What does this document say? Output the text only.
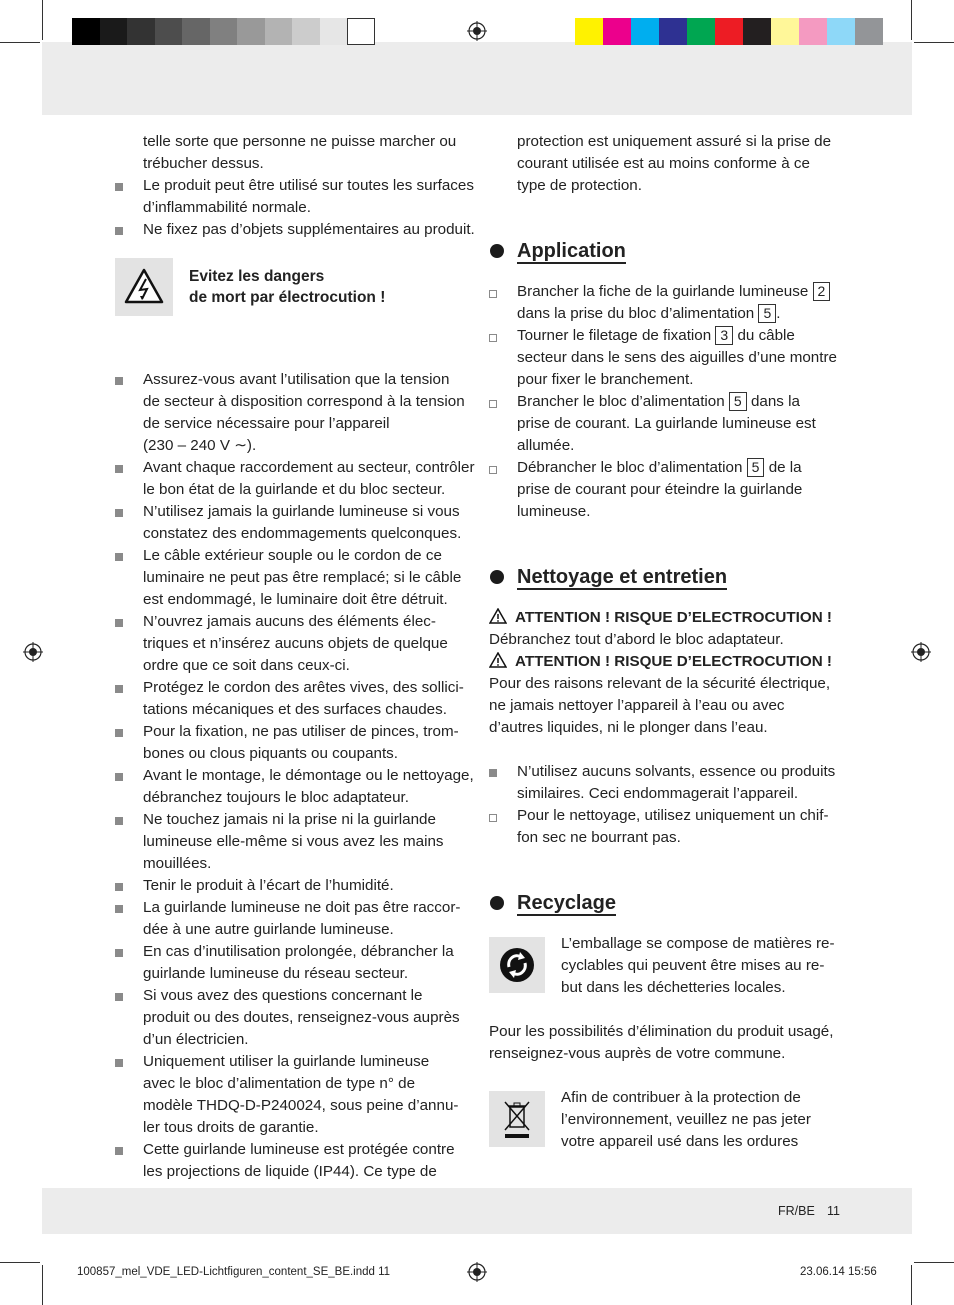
telle sorte que personne ne puisse marcher ou
trébucher dessus.
Le produit peut être utilisé sur toutes les surfaces
d’inflammabilité normale.
Ne fixez pas d’objets supplémentaires au produit.
Evitez les dangers
de mort par électrocution !
Assurez-vous avant l’utilisation que la tension
de secteur à disposition correspond à la tension
de service nécessaire pour l’appareil
(230 – 240 V ∼).
Avant chaque raccordement au secteur, contrôler
le bon état de la guirlande et du bloc secteur.
N’utilisez jamais la guirlande lumineuse si vous
constatez des endommagements quelconques.
Le câble extérieur souple ou le cordon de ce
luminaire ne peut pas être remplacé; si le câble
est endommagé, le luminaire doit être détruit.
N’ouvrez jamais aucuns des éléments élec-
triques et n’insérez aucuns objets de quelque
ordre que ce soit dans ceux-ci.
Protégez le cordon des arêtes vives, des sollici-
tations mécaniques et des surfaces chaudes.
Pour la fixation, ne pas utiliser de pinces, trom-
bones ou clous piquants ou coupants.
Avant le montage, le démontage ou le nettoyage,
débranchez toujours le bloc adaptateur.
Ne touchez jamais ni la prise ni la guirlande
lumineuse elle-même si vous avez les mains
mouillées.
Tenir le produit à l’écart de l’humidité.
La guirlande lumineuse ne doit pas être raccor-
dée à une autre guirlande lumineuse.
En cas d’inutilisation prolongée, débrancher la
guirlande lumineuse du réseau secteur.
Si vous avez des questions concernant le
produit ou des doutes, renseignez-vous auprès
d’un électricien.
Uniquement utiliser la guirlande lumineuse
avec le bloc d’alimentation de type n° de
modèle THDQ-D-P240024, sous peine d’annu-
ler tous droits de garantie.
Cette guirlande lumineuse est protégée contre
les projections de liquide (IP44). Ce type de
protection est uniquement assuré si la prise de
courant utilisée est au moins conforme à ce
type de protection.
Application
Brancher la fiche de la guirlande lumineuse 2
dans la prise du bloc d’alimentation 5 .
Tourner le filetage de fixation 3 du câble
secteur dans le sens des aiguilles d’une montre
pour fixer le branchement.
Brancher le bloc d’alimentation 5 dans la
prise de courant. La guirlande lumineuse est
allumée.
Débrancher le bloc d’alimentation 5 de la
prise de courant pour éteindre la guirlande
lumineuse.
Nettoyage et entretien
ATTENTION ! RISQUE D’ELECTROCUTION !
Débranchez tout d’abord le bloc adaptateur.
ATTENTION ! RISQUE D’ELECTROCUTION !
Pour des raisons relevant de la sécurité électrique,
ne jamais nettoyer l’appareil à l’eau ou avec
d’autres liquides, ni le plonger dans l’eau.
N’utilisez aucuns solvants, essence ou produits
similaires. Ceci endommagerait l’appareil.
Pour le nettoyage, utilisez uniquement un chif-
fon sec ne bourrant pas.
Recyclage
L’emballage se compose de matières re-
cyclables qui peuvent être mises au re-
but dans les déchetteries locales.
Pour les possibilités d’élimination du produit usagé,
renseignez-vous auprès de votre commune.
Afin de contribuer à la protection de
l’environnement, veuillez ne pas jeter
votre appareil usé dans les ordures
FR/BE 11
100857_mel_VDE_LED-Lichtfiguren_content_SE_BE.indd 11	23.06.14 15:56
